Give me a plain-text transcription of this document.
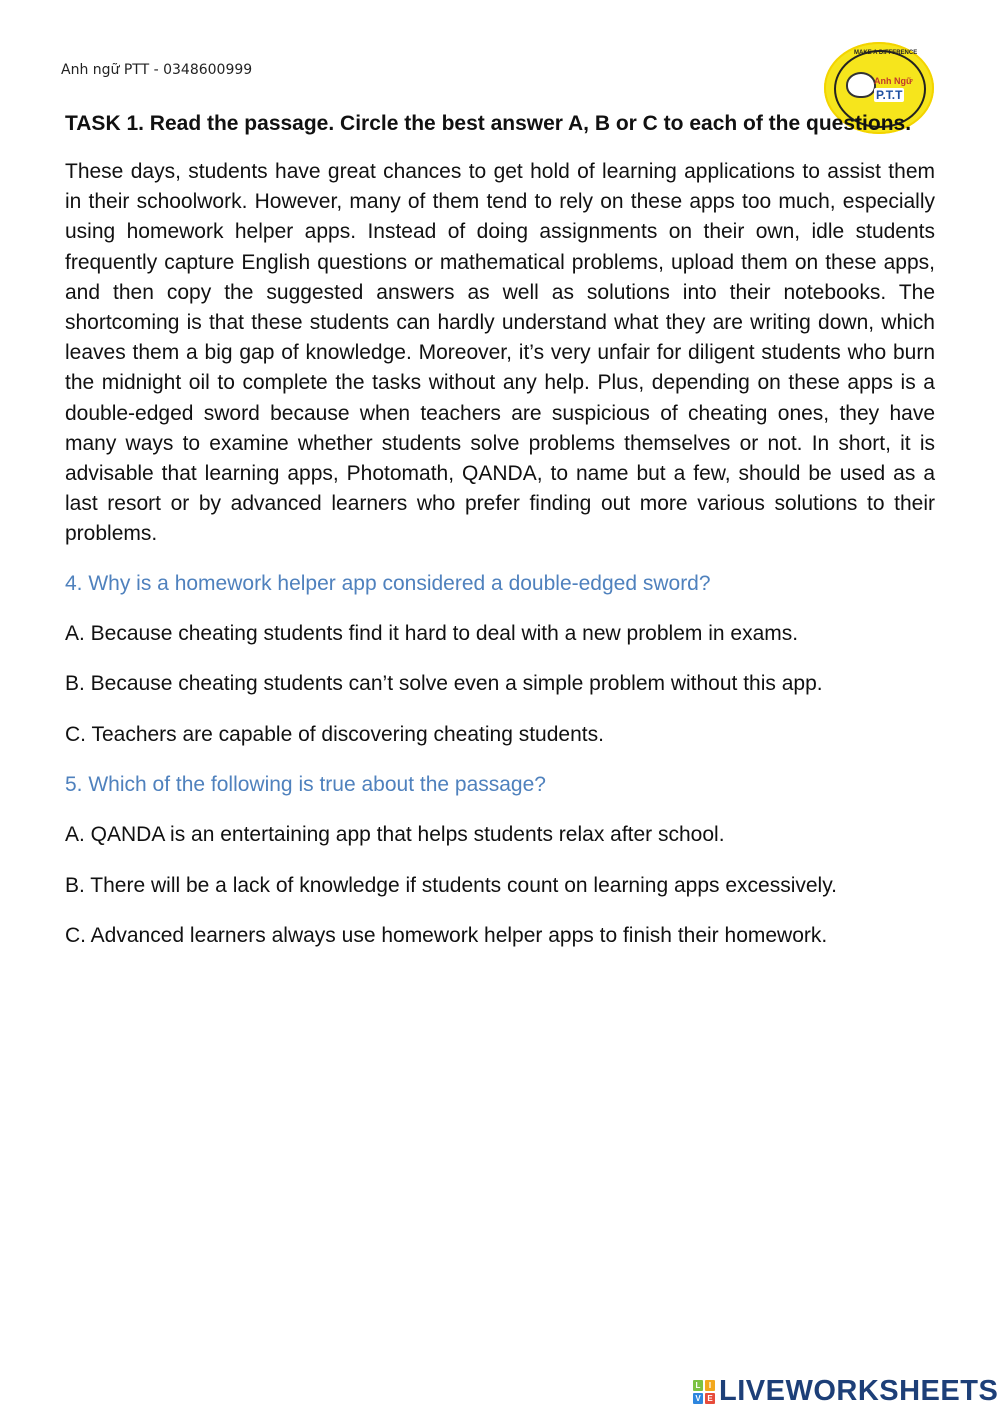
Anh ngữ PTT - 0348600999
MAKE A DIFFERENCE
Anh Ngữ
P.T.T

TASK 1. Read the passage. Circle the best answer A, B or C to each of the questions.

These days, students have great chances to get hold of learning applications to assist them in their schoolwork. However, many of them tend to rely on these apps too much, especially using homework helper apps. Instead of doing assignments on their own, idle students frequently capture English questions or mathematical problems, upload them on these apps, and then copy the suggested answers as well as solutions into their notebooks. The shortcoming is that these students can hardly understand what they are writing down, which leaves them a big gap of knowledge. Moreover, it’s very unfair for diligent students who burn the midnight oil to complete the tasks without any help. Plus, depending on these apps is a double-edged sword because when teachers are suspicious of cheating ones, they have many ways to examine whether students solve problems themselves or not. In short, it is advisable that learning apps, Photomath, QANDA, to name but a few, should be used as a last resort or by advanced learners who prefer finding out more various solutions to their problems.

4. Why is a homework helper app considered a double-edged sword?

A. Because cheating students find it hard to deal with a new problem in exams.

B. Because cheating students can’t solve even a simple problem without this app.

C. Teachers are capable of discovering cheating students.

5. Which of the following is true about the passage?

A. QANDA is an entertaining app that helps students relax after school.

B. There will be a lack of knowledge if students count on learning apps excessively.

C. Advanced learners always use homework helper apps to finish their homework.

L	I
V E LIVEWORKSHEETS
